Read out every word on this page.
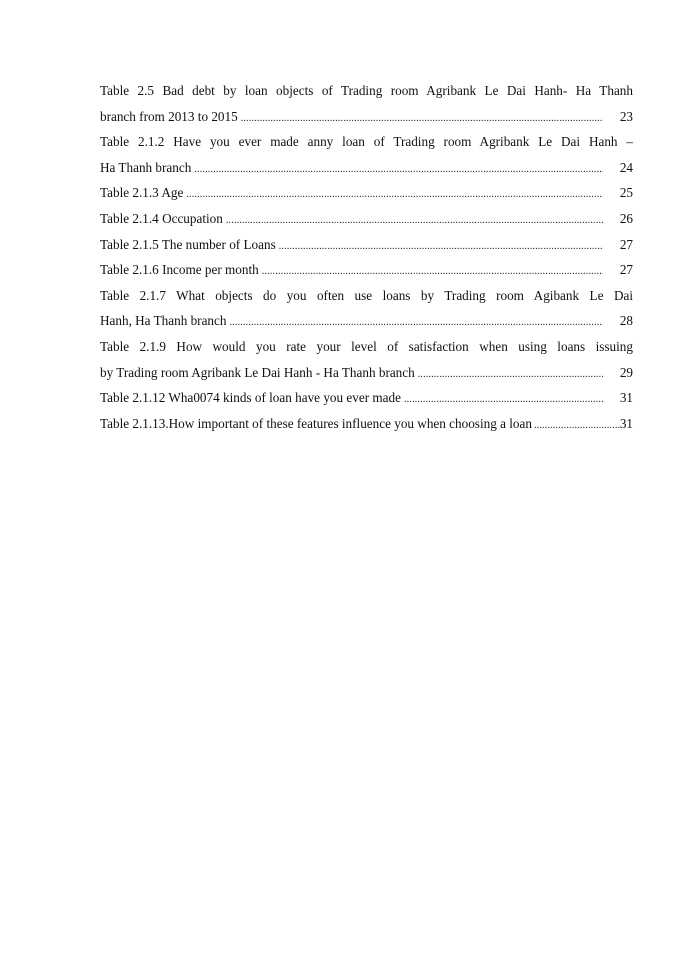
Table 2.5 Bad debt by loan objects of Trading room Agribank Le Dai Hanh- Ha Thanh
branch from 2013 to 2015 .....	23
Table 2.1.2 Have you ever made anny loan of Trading room Agribank Le Dai Hanh –
Ha Thanh branch .....	24
Table 2.1.3 Age .....	25
Table 2.1.4 Occupation .....	26
Table 2.1.5 The number of Loans .....	27
Table 2.1.6 Income per month .....	27
Table 2.1.7 What objects do you often use loans by Trading room Agibank Le Dai
Hanh, Ha Thanh branch .....	28
Table 2.1.9 How would you rate your level of satisfaction when using loans issuing
by Trading room Agribank Le Dai Hanh - Ha Thanh branch .....	29
Table 2.1.12 Wha0074 kinds of loan have you ever made .....	31
Table 2.1.13.How important of these features influence you when choosing a loan .....	31
